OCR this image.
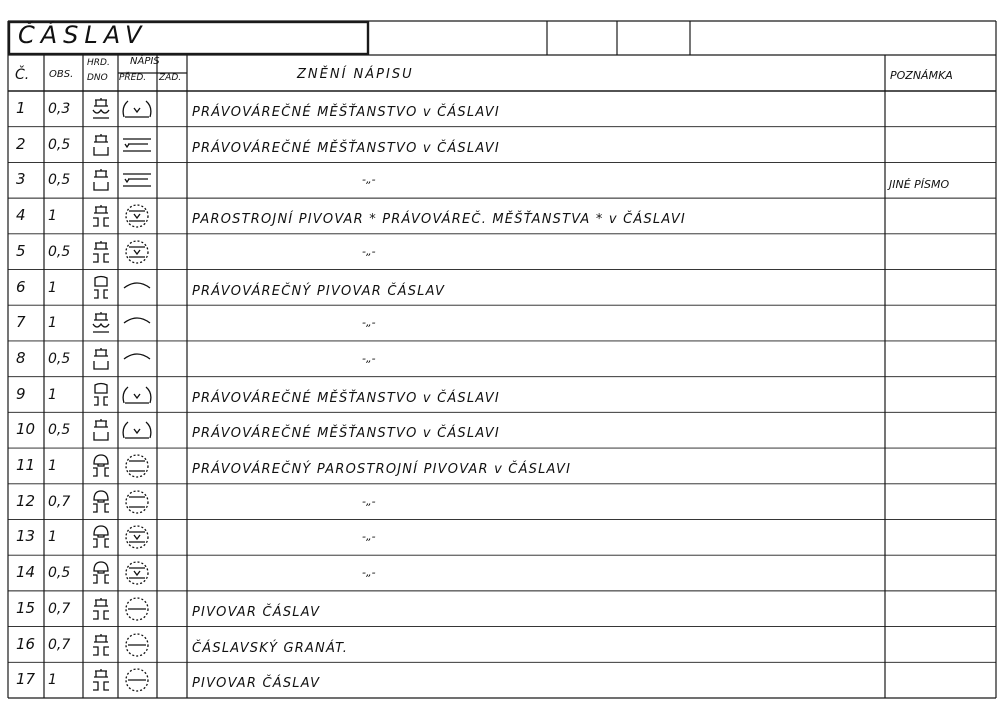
ČÁSLAV
Č. OBS.
HRD.
DNO
NÁPIS
PŘED. ZAD.	ZNĚNÍ NÁPISU	POZNÁMKA
1 0,3	PRÁVOVÁREČNÉ MĚŠŤANSTVO v ČÁSLAVI
2 0,5	PRÁVOVÁREČNÉ MĚŠŤANSTVO v ČÁSLAVI
3 0,5	-„-	JINÉ PÍSMO
4 1	PAROSTROJNÍ PIVOVAR * PRÁVOVÁREČ. MĚŠŤANSTVA * v ČÁSLAVI
5 0,5	-„-
6 1	PRÁVOVÁREČNÝ PIVOVAR ČÁSLAV
7 1	-„-
8 0,5	-„-
9 1	PRÁVOVÁREČNÉ MĚŠŤANSTVO v ČÁSLAVI
10 0,5	PRÁVOVÁREČNÉ MĚŠŤANSTVO v ČÁSLAVI
11 1	PRÁVOVÁREČNÝ PAROSTROJNÍ PIVOVAR v ČÁSLAVI
12 0,7	-„-
13 1	-„-
14 0,5	-„-
15 0,7	PIVOVAR ČÁSLAV
16 0,7	ČÁSLAVSKÝ GRANÁT.
17 1	PIVOVAR ČÁSLAV
